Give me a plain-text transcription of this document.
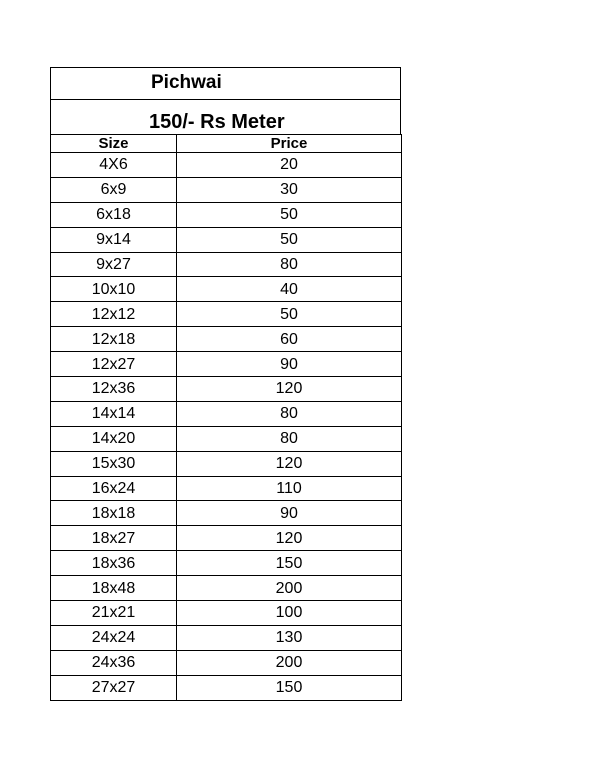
Pichwai
150/- Rs Meter
Size	Price
4X6	20
6x9	30
6x18	50
9x14	50
9x27	80
10x10	40
12x12	50
12x18	60
12x27	90
12x36	120
14x14	80
14x20	80
15x30	120
16x24	110
18x18	90
18x27	120
18x36	150
18x48	200
21x21	100
24x24	130
24x36	200
27x27	150
